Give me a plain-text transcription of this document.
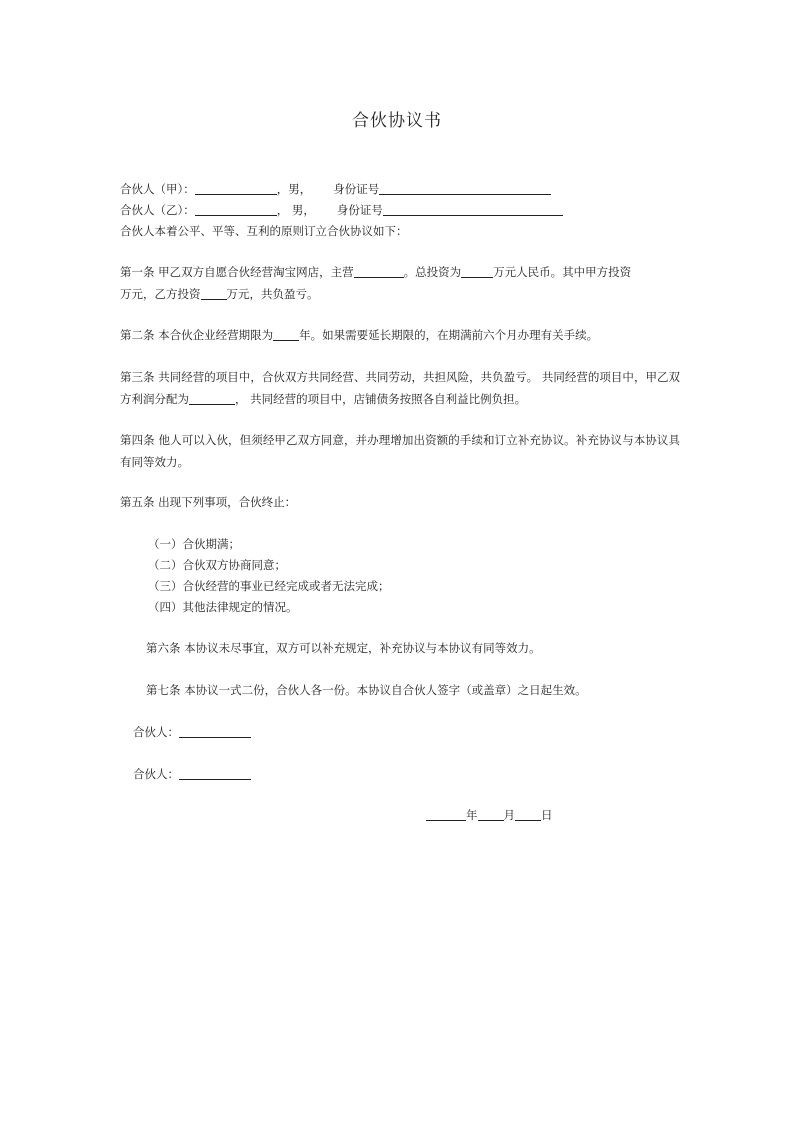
合伙协议书
合伙人（甲）：	，男， 身份证号
合伙人（乙）：	， 男， 身份证号
合伙人本着公平、平等、互利的原则订立合伙协议如下：
第一条 甲乙双方自愿合伙经营淘宝网店，主营	。总投资为	万元人民币。其中甲方投资
万元，乙方投资 万元，共负盈亏。
第二条 本合伙企业经营期限为 年。如果需要延长期限的，在期满前六个月办理有关手续。
第三条 共同经营的项目中，合伙双方共同经营、共同劳动，共担风险，共负盈亏。 共同经营的项目中，甲乙双方利润分配为	， 共同经营的项目中，店铺债务按照各自利益比例负担。
第四条 他人可以入伙，但须经甲乙双方同意，并办理增加出资额的手续和订立补充协议。补充协议与本协议具有同等效力。
第五条 出现下列事项，合伙终止：
（一）合伙期满；
（二）合伙双方协商同意；
（三）合伙经营的事业已经完成或者无法完成；
（四）其他法律规定的情况。
第六条 本协议未尽事宜，双方可以补充规定，补充协议与本协议有同等效力。
第七条 本协议一式二份，合伙人各一份。本协议自合伙人签字（或盖章）之日起生效。
合伙人：
合伙人：
年 月 日
